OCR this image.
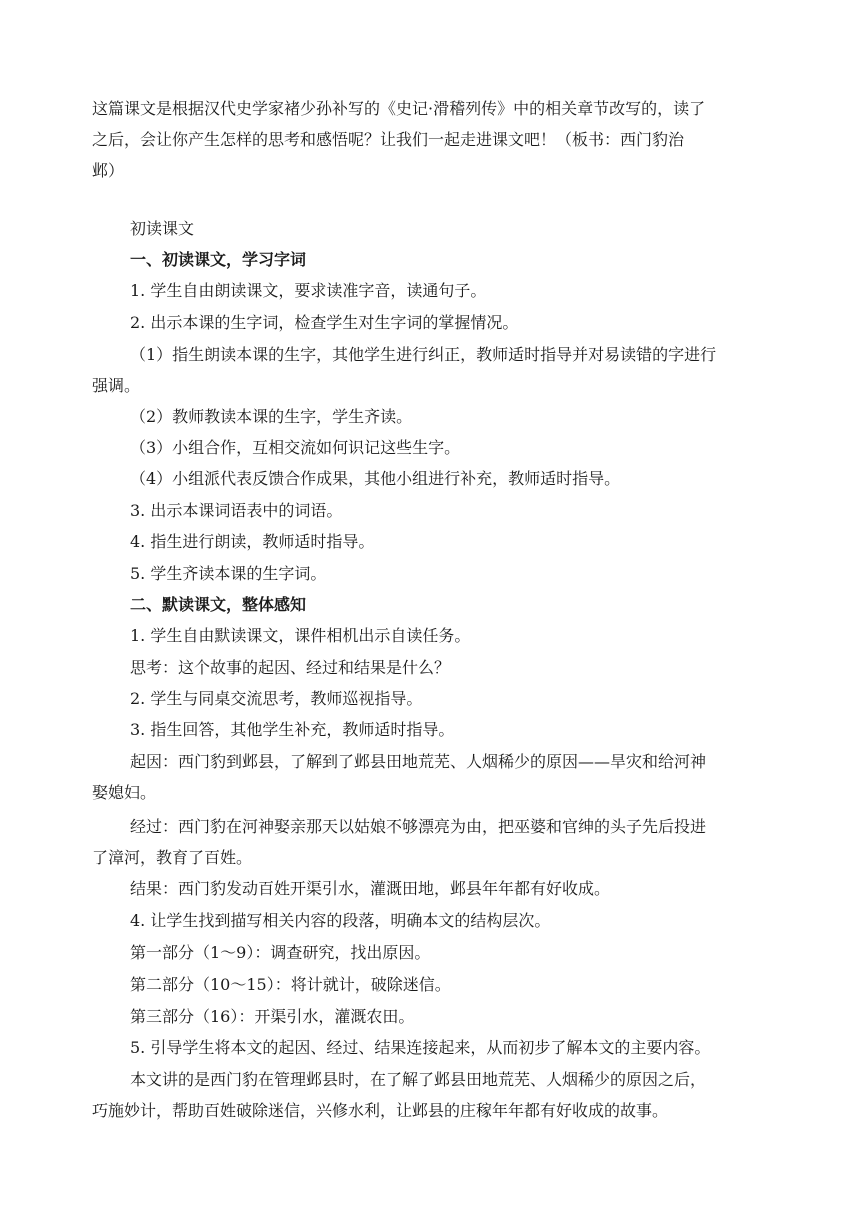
这篇课文是根据汉代史学家褚少孙补写的《史记·滑稽列传》中的相关章节改写的，读了
之后，会让你产生怎样的思考和感悟呢？让我们一起走进课文吧！（板书：西门豹治
邺）
初读课文
一、初读课文，学习字词
1. 学生自由朗读课文，要求读准字音，读通句子。
2. 出示本课的生字词，检查学生对生字词的掌握情况。
（1）指生朗读本课的生字，其他学生进行纠正，教师适时指导并对易读错的字进行
强调。
（2）教师教读本课的生字，学生齐读。
（3）小组合作，互相交流如何识记这些生字。
（4）小组派代表反馈合作成果，其他小组进行补充，教师适时指导。
3. 出示本课词语表中的词语。
4. 指生进行朗读，教师适时指导。
5. 学生齐读本课的生字词。
二、默读课文，整体感知
1. 学生自由默读课文，课件相机出示自读任务。
思考：这个故事的起因、经过和结果是什么？
2. 学生与同桌交流思考，教师巡视指导。
3. 指生回答，其他学生补充，教师适时指导。
起因：西门豹到邺县，了解到了邺县田地荒芜、人烟稀少的原因——旱灾和给河神
娶媳妇。
经过：西门豹在河神娶亲那天以姑娘不够漂亮为由，把巫婆和官绅的头子先后投进
了漳河，教育了百姓。
结果：西门豹发动百姓开渠引水，灌溉田地，邺县年年都有好收成。
4. 让学生找到描写相关内容的段落，明确本文的结构层次。
第一部分（1～9）：调查研究，找出原因。
第二部分（10～15）：将计就计，破除迷信。
第三部分（16）：开渠引水，灌溉农田。
5. 引导学生将本文的起因、经过、结果连接起来，从而初步了解本文的主要内容。
本文讲的是西门豹在管理邺县时，在了解了邺县田地荒芜、人烟稀少的原因之后，
巧施妙计，帮助百姓破除迷信，兴修水利，让邺县的庄稼年年都有好收成的故事。
